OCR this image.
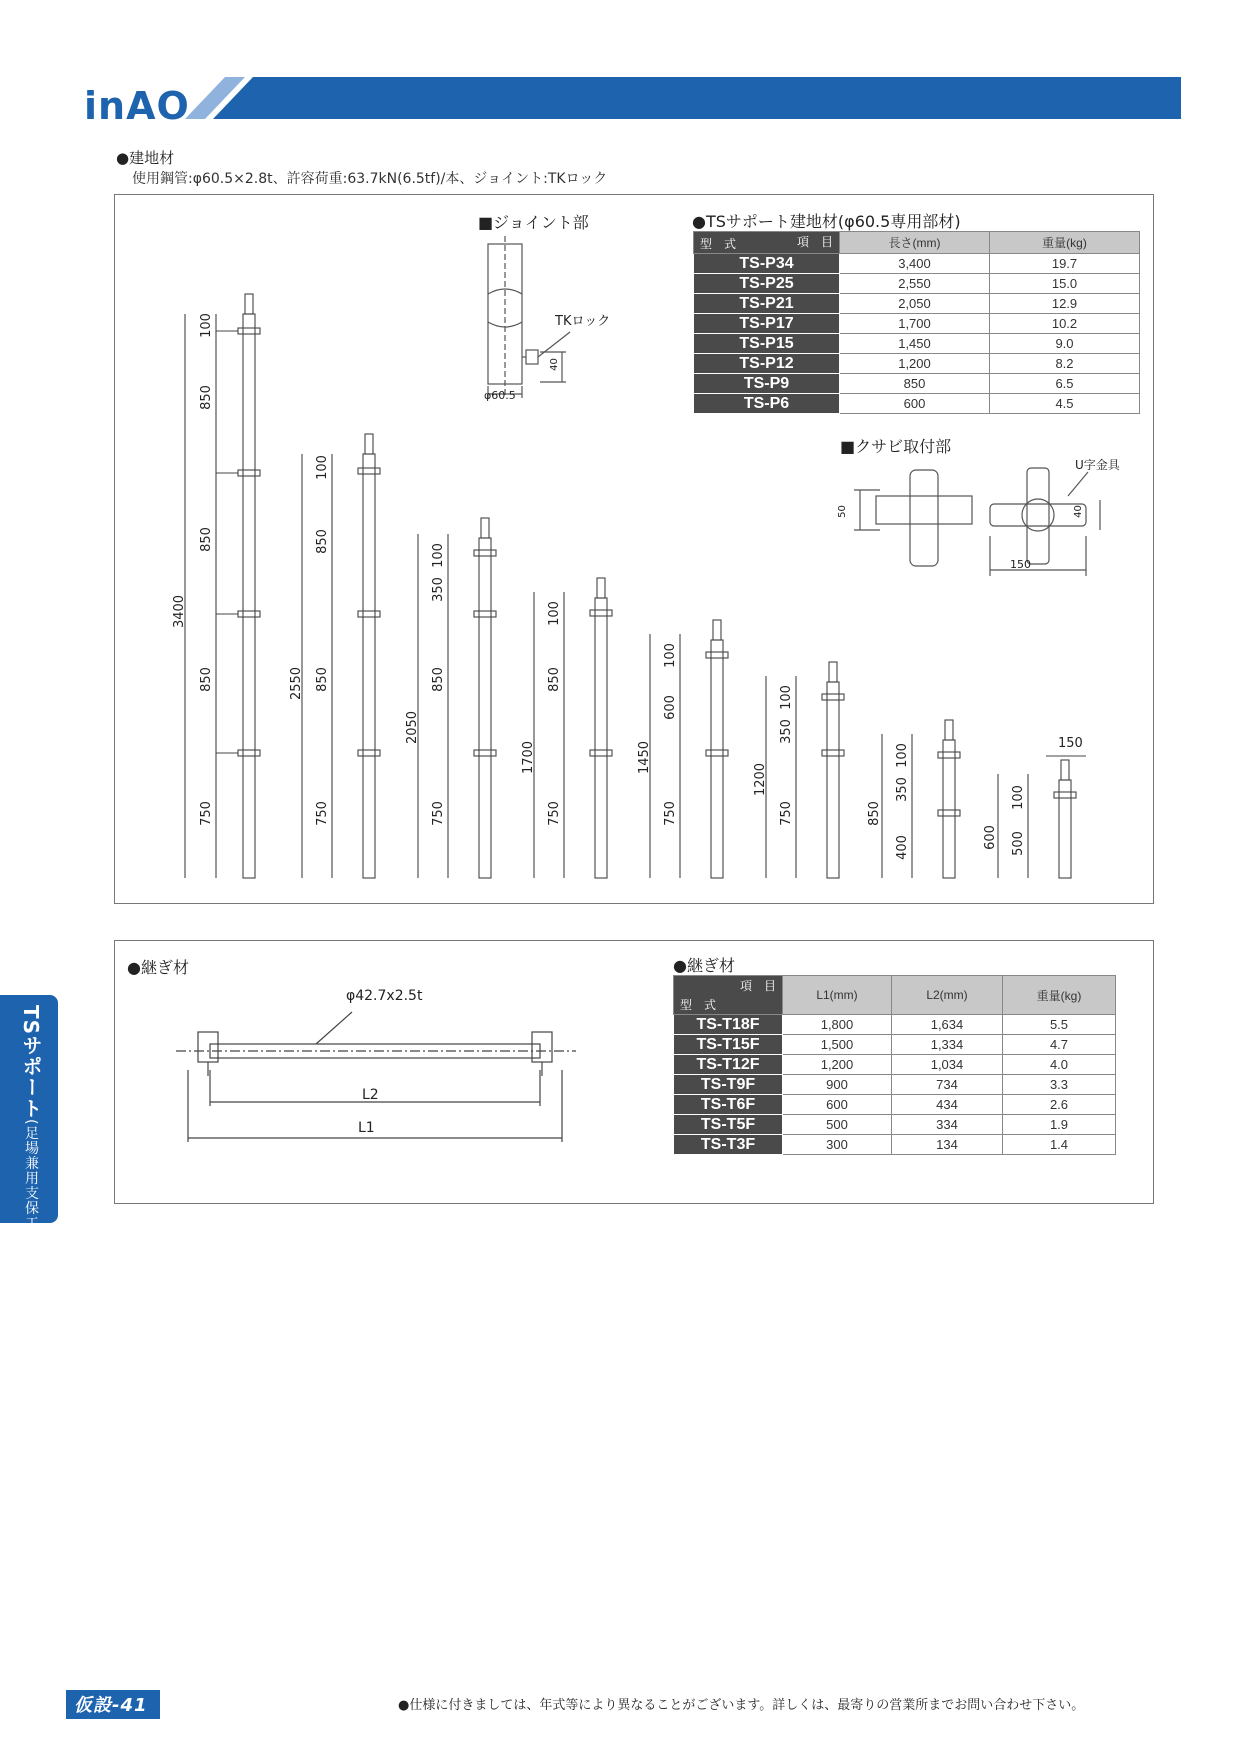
inAO
●建地材
使用鋼管:φ60.5×2.8t、許容荷重:63.7kN(6.5tf)/本、ジョイント:TKロック
■ジョイント部
TKロック
40
φ60.5
●TSサポート建地材(φ60.5専用部材)
項　目
型　式	長さ(mm)	重量(kg)
TS-P34	3,400	19.7
TS-P25	2,550	15.0
TS-P21	2,050	12.9
TS-P17	1,700	10.2
TS-P15	1,450	9.0
TS-P12	1,200	8.2
TS-P9	850	6.5
TS-P6	600	4.5
■クサビ取付部
U字金具
50	40
150
3400
100
850
850
850
750
2550
100
850
850
750
2050
100
350
850
750
1700
100
850
750
1450
100
600
750
1200
100
350
750	850
100
350
400	600
100
500
150
●継ぎ材
φ42.7x2.5t
L2
L1
●継ぎ材
項　目
型　式	L1(mm)	L2(mm)	重量(kg)
TS-T18F	1,800	1,634	5.5
TS-T15F	1,500	1,334	4.7
TS-T12F	1,200	1,034	4.0
TS-T9F	900	734	3.3
TS-T6F	600	434	2.6
TS-T5F	500	334	1.9
TS-T3F	300	134	1.4
TSサポート(足場兼用支保工)
仮設-41	●仕様に付きましては、年式等により異なることがございます。詳しくは、最寄りの営業所までお問い合わせ下さい。
